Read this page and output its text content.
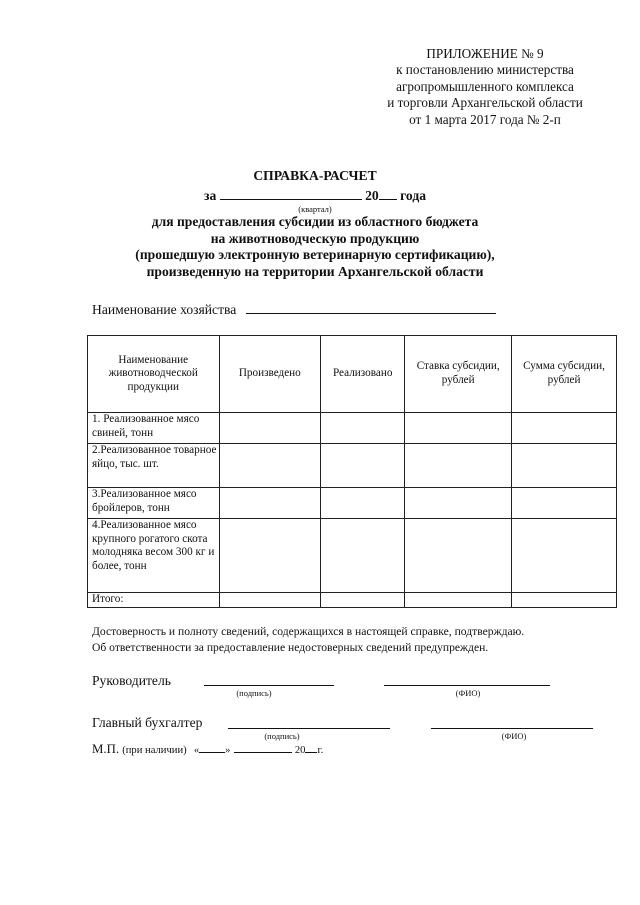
ПРИЛОЖЕНИЕ № 9
к постановлению министерства
агропромышленного комплекса
и торговли Архангельской области
от 1 марта 2017 года № 2-п
СПРАВКА-РАСЧЕТ
за	20 года
(квартал)
для предоставления субсидии из областного бюджета
на животноводческую продукцию
(прошедшую электронную ветеринарную сертификацию),
произведенную на территории Архангельской области
Наименование хозяйства
Наименование животноводческой продукции	Произведено	Реализовано	Ставка субсидии, рублей	Сумма субсидии, рублей
1. Реализованное мясо свиней, тонн				
2.Реализованное товарное яйцо, тыс. шт.				
3.Реализованное мясо бройлеров, тонн				
4.Реализованное мясо крупного рогатого скота молодняка весом 300 кг и более, тонн				
Итого:				
Достоверность и полноту сведений, содержащихся в настоящей справке, подтверждаю.
Об ответственности за предоставление недостоверных сведений предупрежден.
Руководитель
(подпись)	(ФИО)
Главный бухгалтер
(подпись)	(ФИО)
М.П. (при наличии) « »	20 г.
